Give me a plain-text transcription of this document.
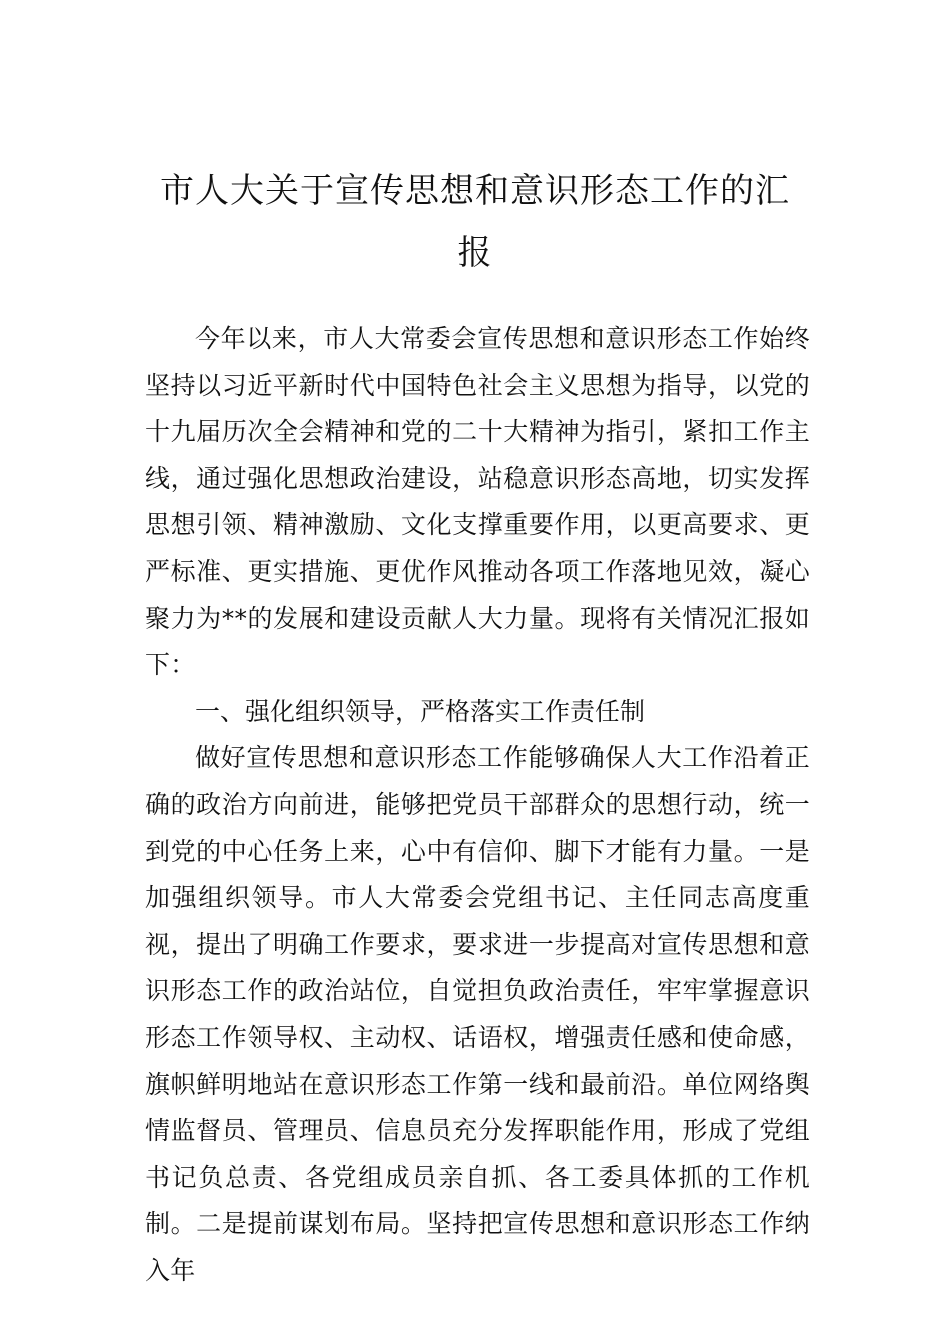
市人大关于宣传思想和意识形态工作的汇报

今年以来，市人大常委会宣传思想和意识形态工作始终坚持以习近平新时代中国特色社会主义思想为指导，以党的十九届历次全会精神和党的二十大精神为指引，紧扣工作主线，通过强化思想政治建设，站稳意识形态高地，切实发挥思想引领、精神激励、文化支撑重要作用，以更高要求、更严标准、更实措施、更优作风推动各项工作落地见效，凝心聚力为**的发展和建设贡献人大力量。现将有关情况汇报如下：

一、强化组织领导，严格落实工作责任制

做好宣传思想和意识形态工作能够确保人大工作沿着正确的政治方向前进，能够把党员干部群众的思想行动，统一到党的中心任务上来，心中有信仰、脚下才能有力量。一是加强组织领导。市人大常委会党组书记、主任同志高度重视，提出了明确工作要求，要求进一步提高对宣传思想和意识形态工作的政治站位，自觉担负政治责任，牢牢掌握意识形态工作领导权、主动权、话语权，增强责任感和使命感， 旗帜鲜明地站在意识形态工作第一线和最前沿。单位网络舆情监督员、管理员、信息员充分发挥职能作用，形成了党组书记负总责、各党组成员亲自抓、各工委具体抓的工作机制。二是提前谋划布局。坚持把宣传思想和意识形态工作纳入年
